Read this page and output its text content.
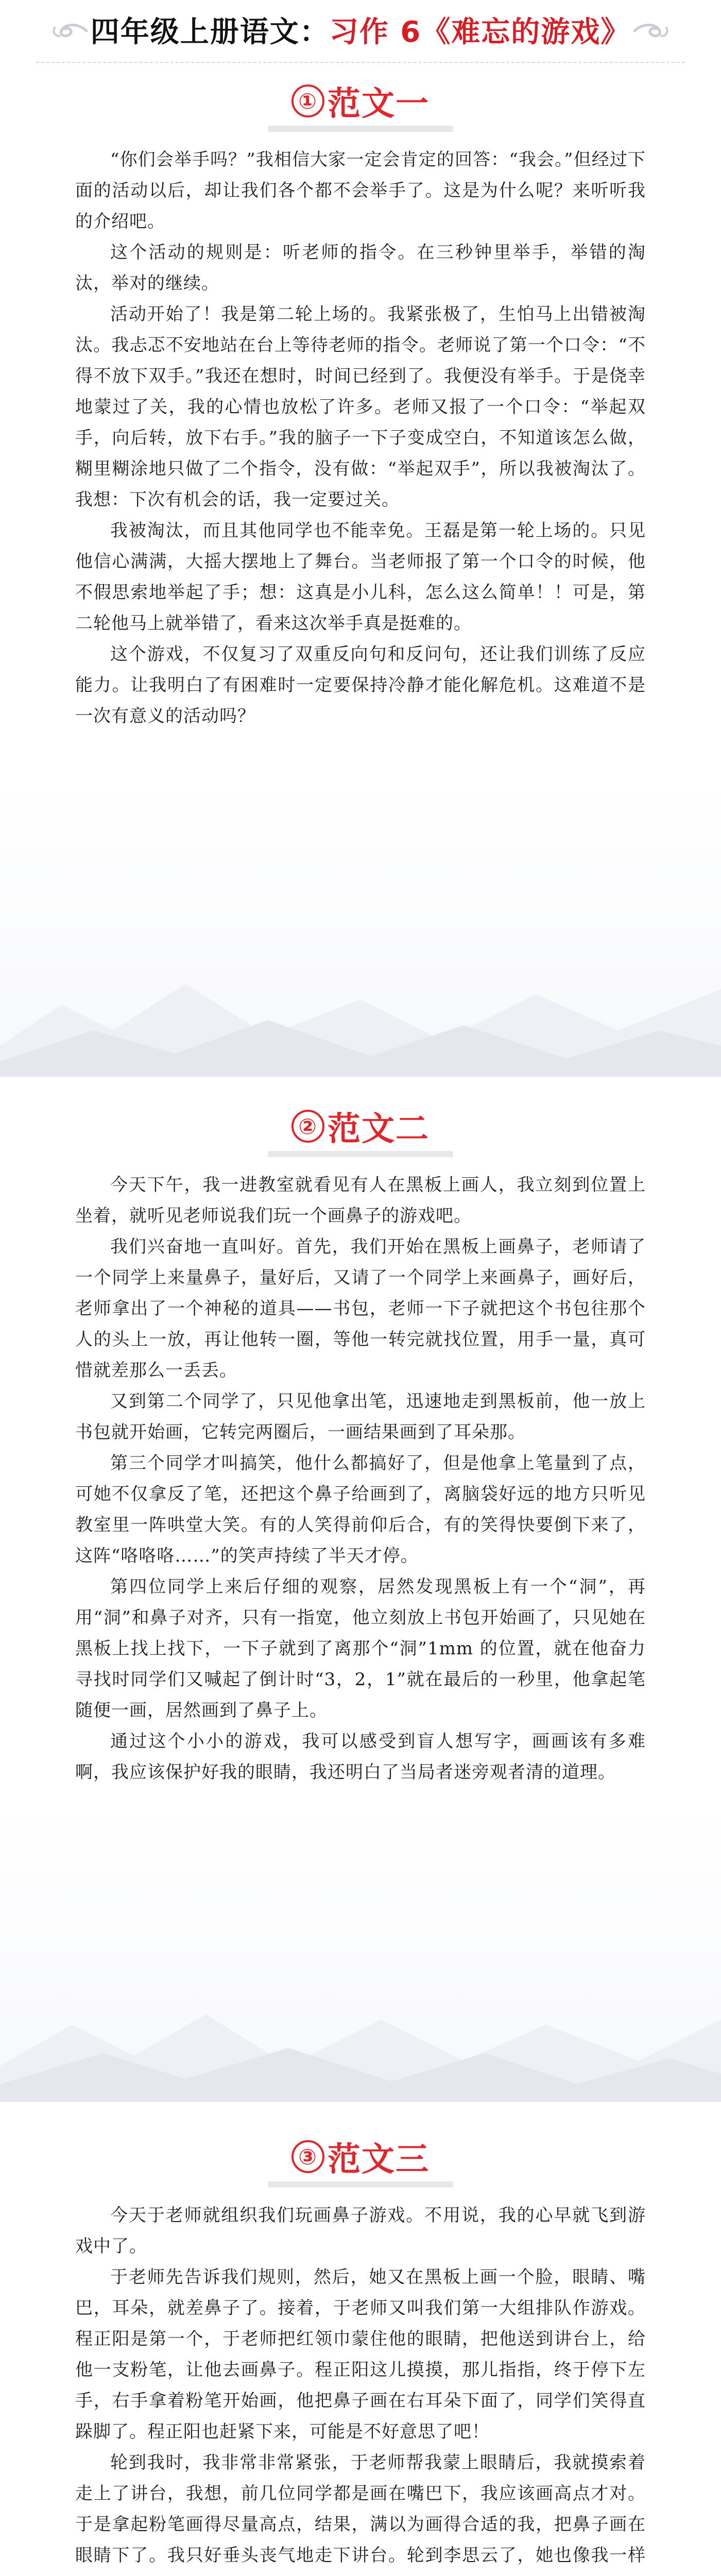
四年级上册语文：习作 6《难忘的游戏》
① 范文一

“你们会举手吗？”我相信大家一定会肯定的回答：“我会。”但经过下面的活动以后，却让我们各个都不会举手了。这是为什么呢？来听听我的介绍吧。

这个活动的规则是：听老师的指令。在三秒钟里举手，举错的淘汰，举对的继续。

活动开始了！我是第二轮上场的。我紧张极了，生怕马上出错被淘汰。我忐忑不安地站在台上等待老师的指令。老师说了第一个口令：“不得不放下双手。”我还在想时，时间已经到了。我便没有举手。于是侥幸地蒙过了关，我的心情也放松了许多。老师又报了一个口令：“举起双手，向后转，放下右手。”我的脑子一下子变成空白，不知道该怎么做，糊里糊涂地只做了二个指令，没有做：“举起双手”，所以我被淘汰了。我想：下次有机会的话，我一定要过关。

我被淘汰，而且其他同学也不能幸免。王磊是第一轮上场的。只见他信心满满，大摇大摆地上了舞台。当老师报了第一个口令的时候，他不假思索地举起了手；想：这真是小儿科，怎么这么简单！！可是，第二轮他马上就举错了，看来这次举手真是挺难的。

这个游戏，不仅复习了双重反向句和反问句，还让我们训练了反应能力。让我明白了有困难时一定要保持冷静才能化解危机。这难道不是一次有意义的活动吗？

② 范文二

今天下午，我一进教室就看见有人在黑板上画人，我立刻到位置上坐着，就听见老师说我们玩一个画鼻子的游戏吧。

我们兴奋地一直叫好。首先，我们开始在黑板上画鼻子，老师请了一个同学上来量鼻子，量好后，又请了一个同学上来画鼻子，画好后，老师拿出了一个神秘的道具——书包，老师一下子就把这个书包往那个人的头上一放，再让他转一圈，等他一转完就找位置，用手一量，真可惜就差那么一丢丢。

又到第二个同学了，只见他拿出笔，迅速地走到黑板前，他一放上书包就开始画，它转完两圈后，一画结果画到了耳朵那。

第三个同学才叫搞笑，他什么都搞好了，但是他拿上笔量到了点，可她不仅拿反了笔，还把这个鼻子给画到了，离脑袋好远的地方只听见教室里一阵哄堂大笑。有的人笑得前仰后合，有的笑得快要倒下来了，这阵“咯咯咯……”的笑声持续了半天才停。

第四位同学上来后仔细的观察，居然发现黑板上有一个“洞”，再用“洞”和鼻子对齐，只有一指宽，他立刻放上书包开始画了，只见她在黑板上找上找下，一下子就到了离那个“洞”1mm 的位置，就在他奋力寻找时同学们又喊起了倒计时“3，2，1”就在最后的一秒里，他拿起笔随便一画，居然画到了鼻子上。

通过这个小小的游戏，我可以感受到盲人想写字，画画该有多难啊，我应该保护好我的眼睛，我还明白了当局者迷旁观者清的道理。

③ 范文三

今天于老师就组织我们玩画鼻子游戏。不用说，我的心早就飞到游戏中了。

于老师先告诉我们规则，然后，她又在黑板上画一个脸，眼睛、嘴巴，耳朵，就差鼻子了。接着，于老师又叫我们第一大组排队作游戏。程正阳是第一个，于老师把红领巾蒙住他的眼睛，把他送到讲台上，给他一支粉笔，让他去画鼻子。程正阳这儿摸摸，那儿指指，终于停下左手，右手拿着粉笔开始画，他把鼻子画在右耳朵下面了，同学们笑得直跺脚了。程正阳也赶紧下来，可能是不好意思了吧！

轮到我时，我非常非常紧张，于老师帮我蒙上眼睛后，我就摸索着走上了讲台，我想，前几位同学都是画在嘴巴下，我应该画高点才对。于是拿起粉笔画得尽量高点，结果，满以为画得合适的我，把鼻子画在眼睛下了。我只好垂头丧气地走下讲台。轮到李思云了，她也像我一样
